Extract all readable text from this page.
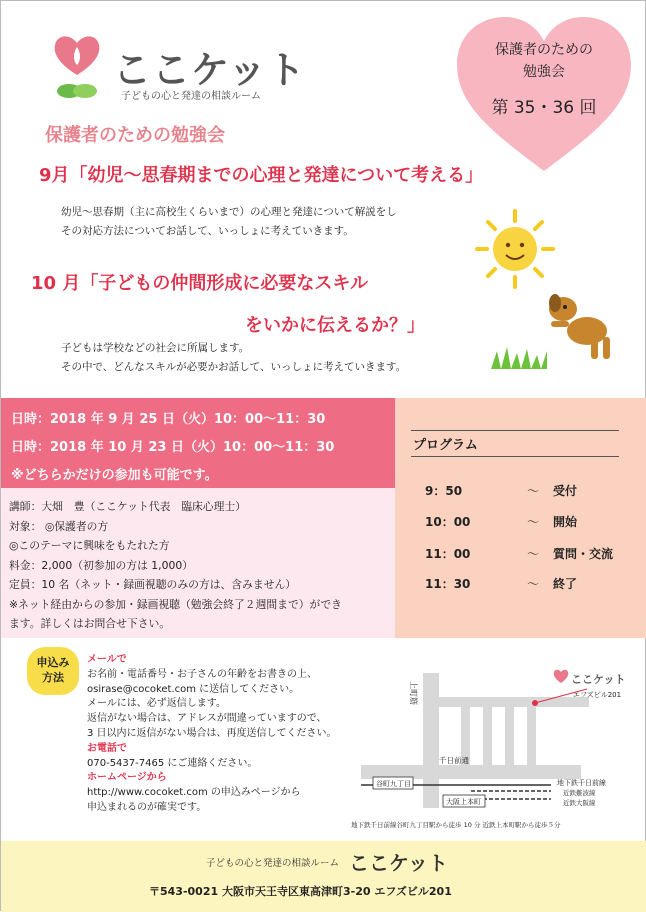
ここケット
子どもの心と発達の相談ルーム
保護者のための
勉強会
第 35・36 回
保護者のための勉強会
9月「幼児～思春期までの心理と発達について考える」
幼児～思春期（主に高校生くらいまで）の心理と発達について解説をし
その対応方法についてお話して、いっしょに考えていきます。
10 月「子どもの仲間形成に必要なスキル
をいかに伝えるか？」
子どもは学校などの社会に所属します。
その中で、どんなスキルが必要かお話して、いっしょに考えていきます。
日時：2018 年 9 月 25 日（火）10：00～11：30
日時：2018 年 10 月 23 日（火）10：00～11：30
※どちらかだけの参加も可能です。
講師：大畑　豊（ここケット代表　臨床心理士）
対象： ◎保護者の方
◎このテーマに興味をもたれた方
料金：2,000（初参加の方は 1,000）
定員：10 名（ネット・録画視聴のみの方は、含みません）
※ネット経由からの参加・録画視聴（勉強会終了２週間まで）ができ
ます。詳しくはお問合せ下さい。
プログラム
9：50	～ 受付
10：00	～ 開始
11：00	～ 質問・交流
11：30	～ 終了
申込み
方法
メールで
お名前・電話番号・お子さんの年齢をお書きの上、
osirase@cocoket.com に送信してください。
メールには、必ず返信します。
返信がない場合は、アドレスが間違っていますので、
3 日以内に返信がない場合は、再度送信してください。
お電話で
070-5437-7465 にご連絡ください。
ホームページから
http://www.cocoket.com の申込みページから
申込まれるのが確実です。
上町筋
ここケット
エフズビル201
千日前通
谷町九丁目	地下鉄千日前線
近鉄難波線
近鉄大阪線
大阪上本町
地下鉄千日前線谷町九丁目駅から徒歩 10 分 近鉄上本町駅から徒歩５分
子どもの心と発達の相談ルーム ここケット
〒543-0021 大阪市天王寺区東高津町3-20 エフズビル201
